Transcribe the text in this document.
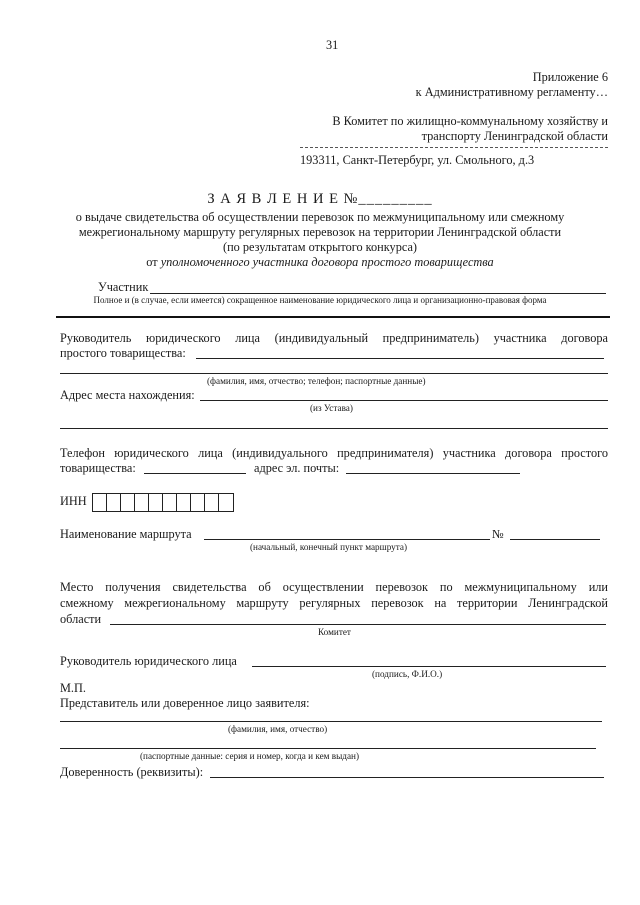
31
Приложение 6
к Административному регламенту…
В Комитет по жилищно-коммунальному хозяйству и
транспорту Ленинградской области
193311, Санкт-Петербург, ул. Смольного, д.3
З А Я В Л Е Н И Е №_________
о выдаче свидетельства об осуществлении перевозок по межмуниципальному или смежному
межрегиональному маршруту регулярных перевозок на территории Ленинградской области
(по результатам открытого конкурса)
от уполномоченного участника договора простого товарищества
Участник
Полное и (в случае, если имеется) сокращенное наименование юридического лица и организационно-правовая форма
Руководитель юридического лица (индивидуальный предприниматель) участника договора
простого товарищества:
(фамилия, имя, отчество; телефон; паспортные данные)
Адрес места нахождения:
(из Устава)
Телефон юридического лица (индивидуального предпринимателя) участника договора простого
товарищества:	адрес эл. почты:
ИНН
Наименование маршрута	№
(начальный, конечный пункт маршрута)
Место получения свидетельства об осуществлении перевозок по межмуниципальному или
смежному межрегиональному маршруту регулярных перевозок на территории Ленинградской
области
Комитет
Руководитель юридического лица
(подпись, Ф.И.О.)
М.П.
Представитель или доверенное лицо заявителя:
(фамилия, имя, отчество)
(паспортные данные: серия и номер, когда и кем выдан)
Доверенность (реквизиты):
